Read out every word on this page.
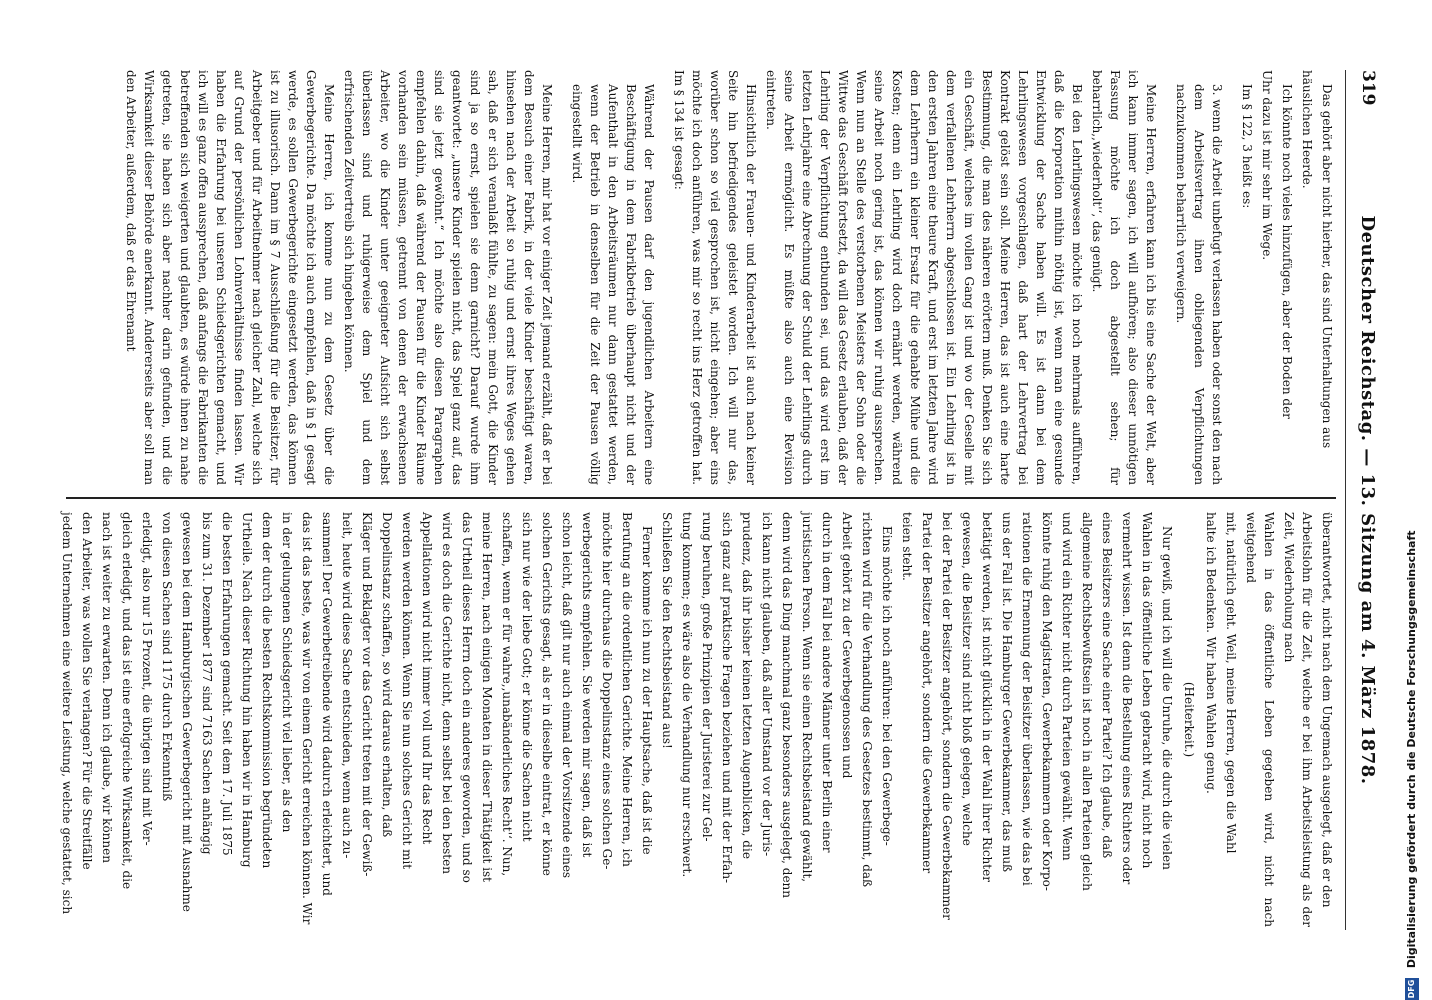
319
Deutscher Reichstag. — 13. Sitzung am 4. März 1878.

überantwortet, nicht nach dem Ungemach ausgelegt, daß er den

Arbeitslohn für die Zeit, welche er bei ihm Arbeitsleistung als der Zeit, Wiederholung nach

Wahlen in das öffentliche Leben gegeben wird, nicht nach weitgehend

mit, natürlich geht. Weil, meine Herren, gegen die Wahl

halte ich Bedenken. Wir haben Wahlen genug.

(Heiterkeit.)

Nur gewiß, und ich will die Unruhe, die durch die vielen

Wahlen in das öffentliche Leben gebracht wird, nicht noch

vermehrt wissen. Ist denn die Bestellung eines Richters oder

eines Beisitzers eine Sache einer Partei? Ich glaube, daß

allgemeine Rechtsbewußtsein ist noch in allen Parteien gleich

und wird ein Richter nicht durch Parteien gewählt. Wenn

könnte ruhig den Magistraten, Gewerbekammern oder Korpo-

rationen die Ernennung der Beisitzer überlassen, wie das bei

uns der Fall ist. Die Hamburger Gewerbekammer, das muß

betätigt werden, ist nicht glücklich in der Wahl ihrer Richter

gewesen, die Beisitzer sind nicht bloß gelegen, welche

bei der Partei der Besitzer angehört, sondern die Gewerbekammer

Partei der Besitzer angehört, sondern die Gewerbekammer

teien steht.

Eins möchte ich noch anführen: bei den Gewerbege-

richten wird für die Verhandlung des Gesetzes bestimmt, daß

Arbeit gehört zu der Gewerbegenossen und

durch in dem Fall bei andere Männer unter Berlin einer

juristischen Person. Wenn sie einen Rechtsbeistand gewählt,

denn wird das Ding manchmal ganz besonders ausgelegt, denn

ich kann nicht glauben, daß aller Umstand vor der Juris-

prudenz, daß ihr bisher keinen letzten Augenblicken, die

sich ganz auf praktische Fragen beziehen und mit der Erfah-

rung beruhen, große Prinzipien der Juristerei zur Gel-

tung kommen; es wäre also die Verhandlung nur erschwert.

Schließen Sie den Rechtsbeistand aus!

Ferner komme ich nun zu der Hauptsache, daß ist die

Berufung an die ordentlichen Gerichte. Meine Herren, ich

möchte hier durchaus die Doppelinstanz eines solchen Ge-

werbegerichts empfehlen. Sie werden mir sagen, daß ist

schon leicht, daß gilt nur auch einmal der Vorsitzende eines

solchen Gerichts gesagt, als er in dieselbe eintrat, er könne

sich nur wie der liebe Gott; er könne die Sachen nicht

schaffen, wenn er für wahre,,unabänderliches Recht'‘. Nun,

meine Herren, nach einigen Monaten in dieser Thätigkeit ist

das Urtheil dieses Herrn doch ein anderes geworden, und so

wird es doch die Gerichte nicht, denn selbst bei den besten

Appellationen wird nicht immer voll und Ihr das Recht

werden werden können. Wenn Sie nun solches Gericht mit

Doppelinstanz schaffen, so wird daraus erhalten, daß

Kläger und Beklagter vor das Gericht treten mit der Gewiß-

heit, heute wird diese Sache entschieden, wenn auch zu-

sammen! Der Gewerbetreibende wird dadurch erleichtert, und

das ist das beste, was wir von einem Gericht erreichen können. Wir

in der gelungenen Schiedsgericht viel lieber, als den

dem der durch die besten Rechtskommission begründeten

Urtheile. Nach dieser Richtung hin haben wir in Hamburg

die besten Erfahrungen gemacht. Seit dem 17. Juli 1875

bis zum 31. Dezember 1877 sind 7163 Sachen anhängig

gewesen bei dem Hamburgischen Gewerbegericht mit Ausnahme

von diesen Sachen sind 1175 durch Erkenntniß

erledigt, also nur 15 Prozent, die übrigen sind mit Ver-

gleich erledigt, und das ist eine erfolgreiche Wirksamkeit, die

nach ist weiter zu erwarten. Denn ich glaube, wir können

den Arbeiter, was wollen Sie verlangen? Für die Streitfälle

jedem Unternehmen eine weitere Leistung, welche gestattet, sich

Das gehört aber nicht hierher, das sind Unterhaltungen aus

häuslichen Heerde.

Ich könnte noch vieles hinzufügen, aber der Boden der

Uhr dazu ist mir sehr im Wege.

Im § 122, 3 heißt es:

3. wenn die Arbeit unbefugt verlassen haben oder sonst den nach dem Arbeitsvertrag ihnen obliegenden Verpflichtungen nachzukommen beharrlich verweigern.

Meine Herren, erfahren kann ich bis eine Sache der Welt, aber ich kann immer sagen, ich will aufhören; also dieser unnötigen Fassung möchte ich doch abgestellt sehen; für beharrlich,,wiederholt'‘, das genügt.

Bei den Lehrlingswesen möchte ich noch mehrmals aufführen, daß die Korporation mithin nöthig ist, wenn man eine gesunde Entwicklung der Sache haben will. Es ist dann bei dem Lehrlingswesen vorgeschlagen, daß hart der Lehrvertrag bei Kontrakt gelöst sein soll. Meine Herren, das ist auch eine harte Bestimmung, die man des näheren erörtern muß. Denken Sie sich ein Geschäft, welches im vollen Gang ist und wo der Geselle mit dem verfallenen Lehrherrn abgeschlossen ist. Ein Lehrling ist in den ersten Jahren eine theure Kraft, und erst im letzten Jahre wird dem Lehrherrn ein kleiner Ersatz für die gehabte Mühe und die Kosten; denn ein Lehrling wird doch ernährt werden, während seine Arbeit noch gering ist, das können wir ruhig aussprechen. Wenn nun an Stelle des verstorbenen Meisters der Sohn oder die Wittwe das Geschäft fortsetzt, da will das Gesetz erlauben, daß der Lehrling der Verpflichtung entbunden sei, und das wird erst im letzten Lehrjahre eine Abrechnung der Schuld der Lehrlings durch seine Arbeit ermöglicht. Es müßte also auch eine Revision eintreten.

Hinsichtlich der Frauen- und Kinderarbeit ist auch nach keiner Seite hin befriedigendes geleistet worden. Ich will nur das, worüber schon so viel gesprochen ist, nicht eingehen; aber eins möchte ich doch anführen, was mir so recht ins Herz getroffen hat. Im § 134 ist gesagt:

Während der Pausen darf den jugendlichen Arbeitern eine Beschäftigung in dem Fabrikbetrieb überhaupt nicht und der Aufenthalt in den Arbeitsräumen nur dann gestattet werden, wenn der Betrieb in denselben für die Zeit der Pausen völlig eingestellt wird.

Meine Herren, mir hat vor einiger Zeit jemand erzählt, daß er bei dem Besuch einer Fabrik, in der viele Kinder beschäftigt waren, hinsehen nach der Arbeit so ruhig und ernst ihres Weges gehen sah, daß er sich veranlaßt fühlte, zu sagen: mein Gott, die Kinder sind ja so ernst, spielen sie denn garnicht? Darauf wurde ihm geantwortet: „unsere Kinder spielen nicht, das Spiel ganz auf, das sind sie jetzt gewöhnt.“ Ich möchte also diesen Paragraphen empfehlen dahin, daß während der Pausen für die Kinder Räume vorhanden sein müssen, getrennt von denen der erwachsenen Arbeiter, wo die Kinder unter geeigneter Aufsicht sich selbst überlassen sind und ruhigerweise dem Spiel und dem erfrischenden Zeitvertreib sich hingeben können.

Meine Herren, ich komme nun zu dem Gesetz über die Gewerbegerichte. Da möchte ich auch empfehlen, daß in § 1 gesagt werde, es sollen Gewerbegerichte eingesetzt werden, das können ist zu illusorisch. Dann im § 7 Ausschließung für die Beisitzer, für Arbeitgeber und für Arbeitnehmer nach gleicher Zahl, welche sich auf Grund der persönlichen Lohnverhältnisse finden lassen. Wir haben die Erfahrung bei unseren Schiedsgerichten gemacht, und ich will es ganz offen aussprechen, daß anfangs die Fabrikanten die betreffenden sich weigerten und glaubten, es würde ihnen zu nahe getreten, sie haben sich aber nachher darin gefunden, und die Wirksamkeit dieser Behörde anerkannt. Andererseits aber soll man den Arbeiter, außerdem, daß er das Ehrenamt

DFG Digitalisierung gefördert durch die Deutsche Forschungsgemeinschaft
